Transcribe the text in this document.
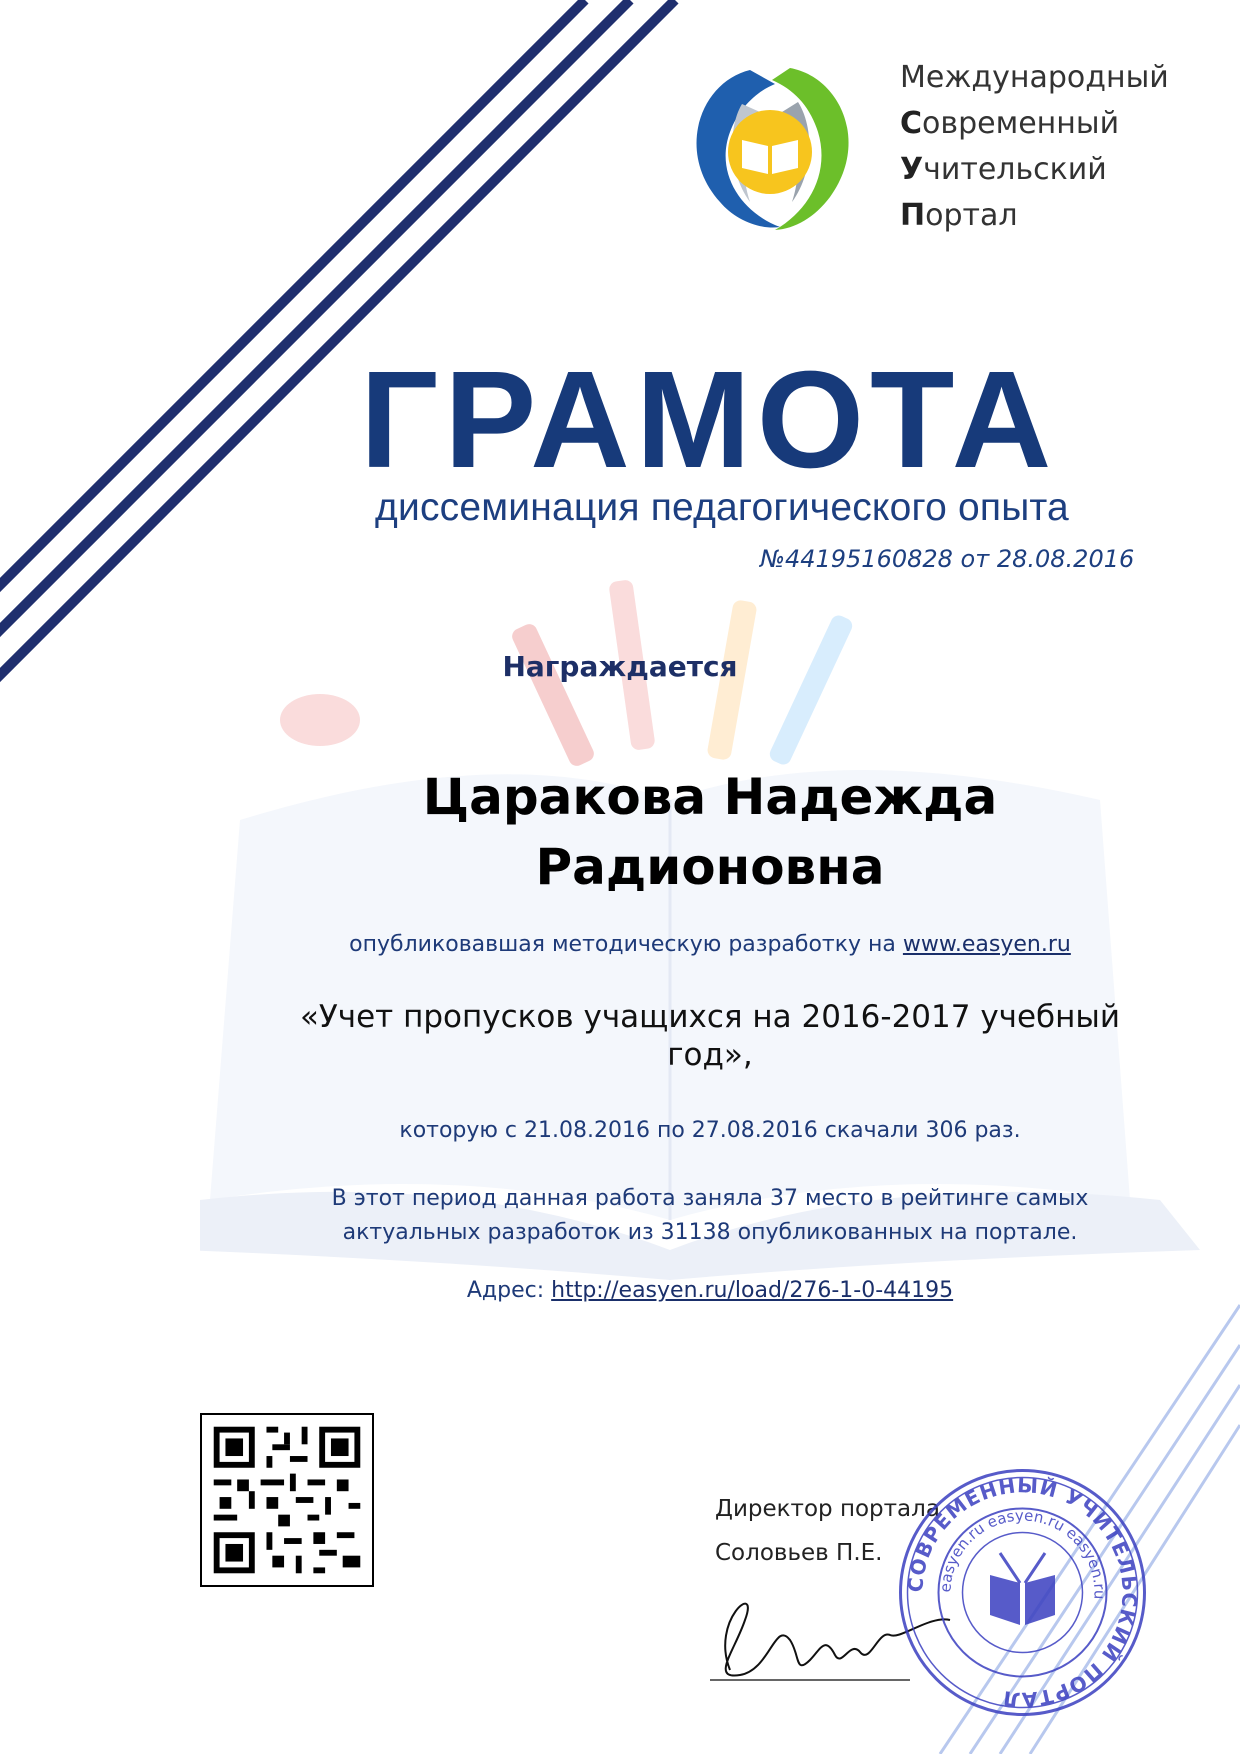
Международный
Современный
Учительский
Портал
ГРАМОТА
диссеминация педагогического опыта
№44195160828 от 28.08.2016
Награждается
Царакова Надежда
Радионовна
опубликовавшая методическую разработку на www.easyen.ru
«Учет пропусков учащихся на 2016-2017 учебный
год»,
которую с 21.08.2016 по 27.08.2016 скачали 306 раз.
В этот период данная работа заняла 37 место в рейтинге самых
актуальных разработок из 31138 опубликованных на портале.
Адрес: http://easyen.ru/load/276-1-0-44195
Директор портала
Соловьев П.Е.
СОВРЕМЕННЫЙ УЧИТЕЛЬСКИЙ ПОРТАЛ
easyen.ru easyen.ru easyen.ru
